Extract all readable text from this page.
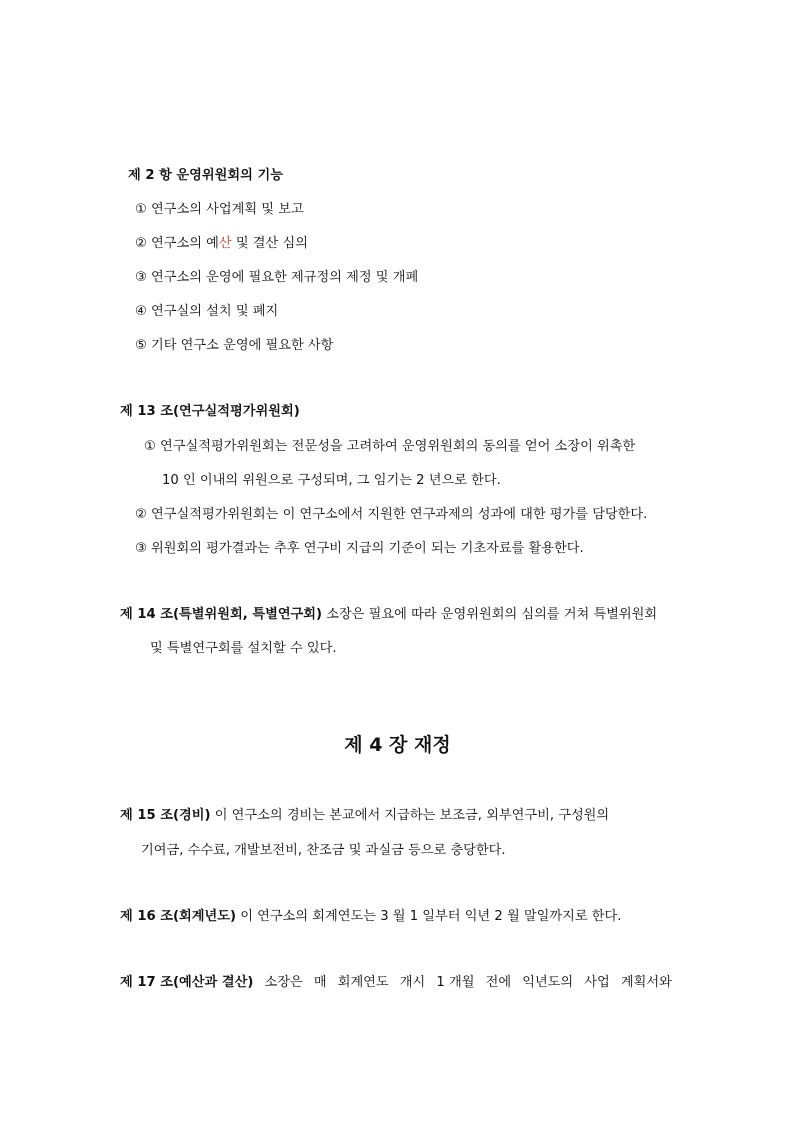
제 2 항 운영위원회의 기능
① 연구소의 사업계획 및 보고
② 연구소의 예산 및 결산 심의
③ 연구소의 운영에 필요한 제규정의 제정 및 개폐
④ 연구실의 설치 및 폐지
⑤ 기타 연구소 운영에 필요한 사항
제 13 조(연구실적평가위원회)
① 연구실적평가위원회는 전문성을 고려하여 운영위원회의 동의를 얻어 소장이 위촉한
10 인 이내의 위원으로 구성되며, 그 임기는 2 년으로 한다.
② 연구실적평가위원회는 이 연구소에서 지원한 연구과제의 성과에 대한 평가를 담당한다.
③ 위원회의 평가결과는 추후 연구비 지급의 기준이 되는 기초자료를 활용한다.
제 14 조(특별위원회, 특별연구회) 소장은 필요에 따라 운영위원회의 심의를 거쳐 특별위원회
및 특별연구회를 설치할 수 있다.
제 4 장 재정
제 15 조(경비) 이 연구소의 경비는 본교에서 지급하는 보조금, 외부연구비, 구성원의
기여금, 수수료, 개발보전비, 찬조금 및 과실금 등으로 충당한다.
제 16 조(회계년도) 이 연구소의 회계연도는 3 월 1 일부터 익년 2 월 말일까지로 한다.
제 17 조(예산과 결산) 소장은 매 회계연도 개시 1 개월 전에 익년도의 사업 계획서와
